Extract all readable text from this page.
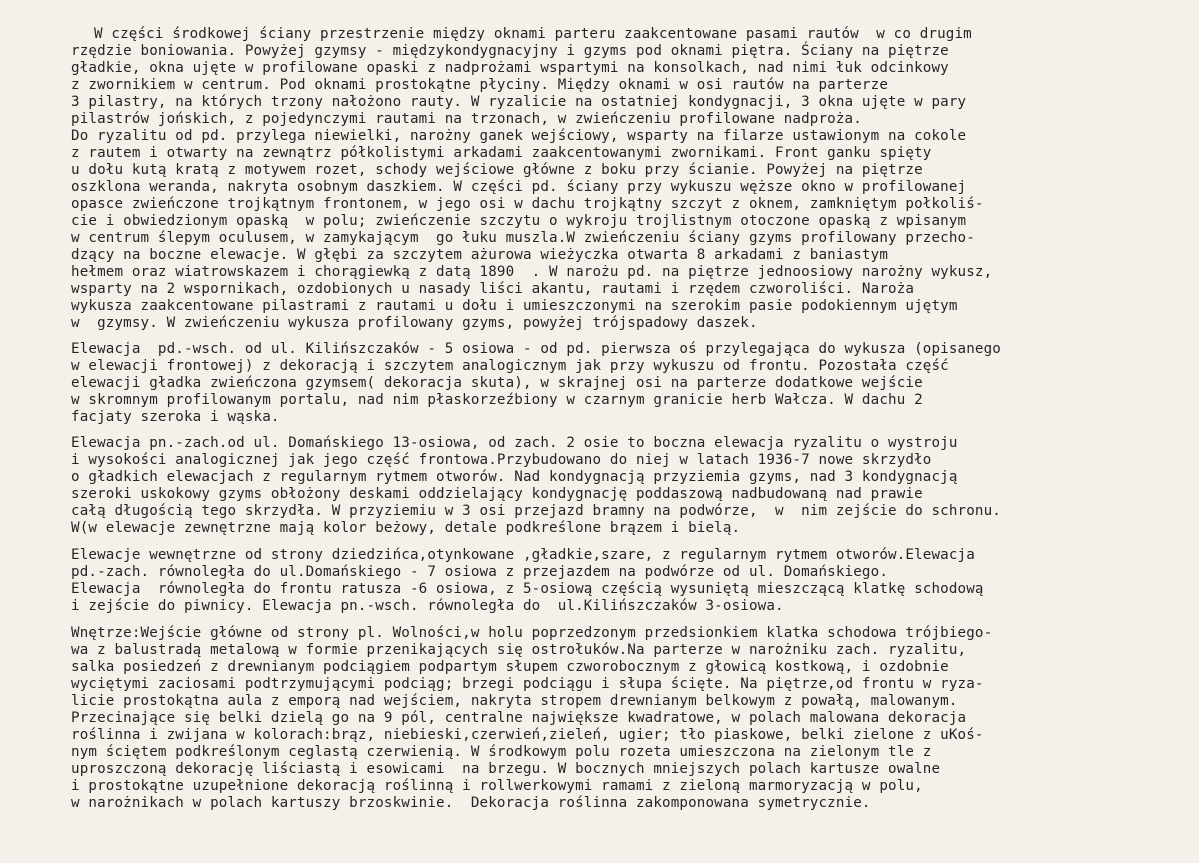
W części środkowej ściany przestrzenie między oknami parteru zaakcentowane pasami rautów  w co drugim
rzędzie boniowania. Powyżej gzymsy - międzykondygnacyjny i gzyms pod oknami piętra. Ściany na piętrze
gładkie, okna ujęte w profilowane opaski z nadprożami wspartymi na konsolkach, nad nimi łuk odcinkowy
z zwornikiem w centrum. Pod oknami prostokątne płyciny. Między oknami w osi rautów na parterze
3 pilastry, na których trzony nałożono rauty. W ryzalicie na ostatniej kondygnacji, 3 okna ujęte w pary
pilastrów jońskich, z pojedynczymi rautami na trzonach, w zwieńczeniu profilowane nadproża.
Do ryzalitu od pd. przylega niewielki, narożny ganek wejściowy, wsparty na filarze ustawionym na cokole
z rautem i otwarty na zewnątrz półkolistymi arkadami zaakcentowanymi zwornikami. Front ganku spięty
u dołu kutą kratą z motywem rozet, schody wejściowe główne z boku przy ścianie. Powyżej na piętrze
oszklona weranda, nakryta osobnym daszkiem. W części pd. ściany przy wykuszu węższe okno w profilowanej
opasce zwieńczone trojkątnym frontonem, w jego osi w dachu trojkątny szczyt z oknem, zamkniętym połkoliś-
cie i obwiedzionym opaską  w polu; zwieńczenie szczytu o wykroju trojlistnym otoczone opaską z wpisanym
w centrum ślepym oculusem, w zamykającym  go łuku muszla.W zwieńczeniu ściany gzyms profilowany przecho-
dzący na boczne elewacje. W głębi za szczytem ażurowa wieżyczka otwarta 8 arkadami z baniastym
hełmem oraz wiatrowskazem i chorągiewką z datą 1890  . W narożu pd. na piętrze jednoosiowy narożny wykusz,
wsparty na 2 wspornikach, ozdobionych u nasady liści akantu, rautami i rzędem czworoliści. Naroża
wykusza zaakcentowane pilastrami z rautami u dołu i umieszczonymi na szerokim pasie podokiennym ujętym
w  gzymsy. W zwieńczeniu wykusza profilowany gzyms, powyżej trójspadowy daszek.
Elewacja  pd.-wsch. od ul. Kilińszczaków - 5 osiowa - od pd. pierwsza oś przylegająca do wykusza (opisanego
w elewacji frontowej) z dekoracją i szczytem analogicznym jak przy wykuszu od frontu. Pozostała część
elewacji gładka zwieńczona gzymsem( dekoracja skuta), w skrajnej osi na parterze dodatkowe wejście
w skromnym profilowanym portalu, nad nim płaskorzeźbiony w czarnym granicie herb Wałcza. W dachu 2
facjaty szeroka i wąska.
Elewacja pn.-zach.od ul. Domańskiego 13-osiowa, od zach. 2 osie to boczna elewacja ryzalitu o wystroju
i wysokości analogicznej jak jego część frontowa.Przybudowano do niej w latach 1936-7 nowe skrzydło
o gładkich elewacjach z regularnym rytmem otworów. Nad kondygnacją przyziemia gzyms, nad 3 kondygnacją
szeroki uskokowy gzyms obłożony deskami oddzielający kondygnację poddaszową nadbudowaną nad prawie
całą długością tego skrzydła. W przyziemiu w 3 osi przejazd bramny na podwórze,  w  nim zejście do schronu.
W(w elewacje zewnętrzne mają kolor beżowy, detale podkreślone brązem i bielą.
Elewacje wewnętrzne od strony dziedzińca,otynkowane ,gładkie,szare, z regularnym rytmem otworów.Elewacja
pd.-zach. równoległa do ul.Domańskiego - 7 osiowa z przejazdem na podwórze od ul. Domańskiego.
Elewacja  równoległa do frontu ratusza -6 osiowa, z 5-osiową częścią wysuniętą mieszczącą klatkę schodową
i zejście do piwnicy. Elewacja pn.-wsch. równoległa do  ul.Kilińszczaków 3-osiowa.
Wnętrze:Wejście główne od strony pl. Wolności,w holu poprzedzonym przedsionkiem klatka schodowa trójbiego-
wa z balustradą metalową w formie przenikających się ostrołuków.Na parterze w narożniku zach. ryzalitu,
salka posiedzeń z drewnianym podciągiem podpartym słupem czworobocznym z głowicą kostkową, i ozdobnie
wyciętymi zaciosami podtrzymującymi podciąg; brzegi podciągu i słupa ścięte. Na piętrze,od frontu w ryza-
licie prostokątna aula z emporą nad wejściem, nakryta stropem drewnianym belkowym z powałą, malowanym.
Przecinające się belki dzielą go na 9 pól, centralne największe kwadratowe, w polach malowana dekoracja
roślinna i zwijana w kolorach:brąz, niebieski,czerwień,zieleń, ugier; tło piaskowe, belki zielone z uKoś-
nym ściętem podkreślonym ceglastą czerwienią. W środkowym polu rozeta umieszczona na zielonym tle z
uproszczoną dekorację liściastą i esowicami  na brzegu. W bocznych mniejszych polach kartusze owalne
i prostokątne uzupełnione dekoracją roślinną i rollwerkowymi ramami z zieloną marmoryzacją w polu,
w narożnikach w polach kartuszy brzoskwinie.  Dekoracja roślinna zakomponowana symetrycznie.
